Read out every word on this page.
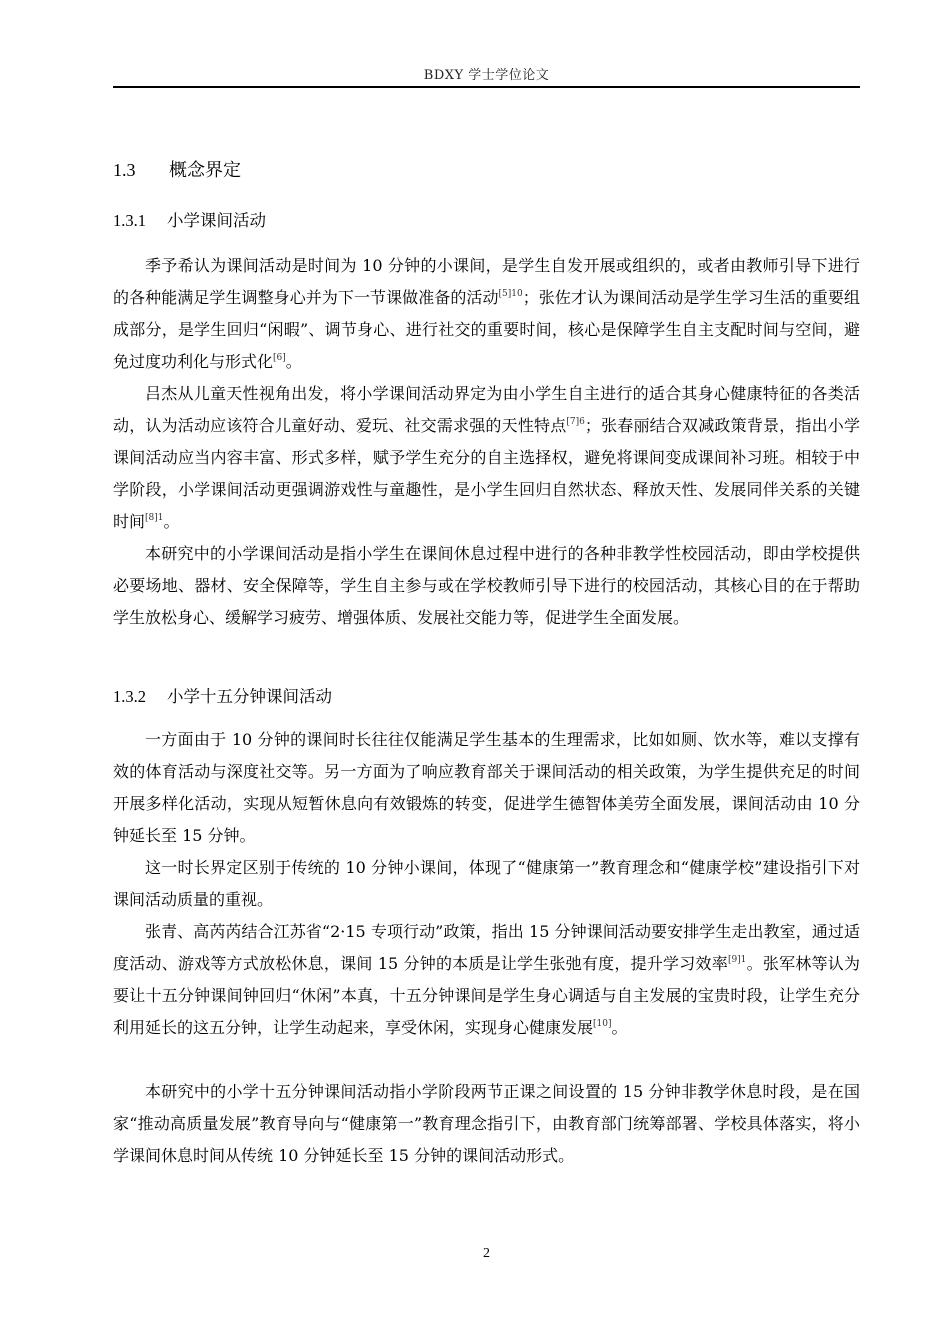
BDXY 学士学位论文
1.3 概念界定
1.3.1 小学课间活动

季予希认为课间活动是时间为 10 分钟的小课间，是学生自发开展或组织的，或者由教师引导下进行的各种能满足学生调整身心并为下一节课做准备的活动$^{[5]10}$；张佐才认为课间活动是学生学习生活的重要组成部分，是学生回归“闲暇”、调节身心、进行社交的重要时间，核心是保障学生自主支配时间与空间，避免过度功利化与形式化[6]。

吕杰从儿童天性视角出发，将小学课间活动界定为由小学生自主进行的适合其身心健康特征的各类活动，认为活动应该符合儿童好动、爱玩、社交需求强的天性特点$^{[7]6}$；张春丽结合双减政策背景，指出小学课间活动应当内容丰富、形式多样，赋予学生充分的自主选择权，避免将课间变成课间补习班。相较于中学阶段，小学课间活动更强调游戏性与童趣性，是小学生回归自然状态、释放天性、发展同伴关系的关键时间$^{[8]1}$。

本研究中的小学课间活动是指小学生在课间休息过程中进行的各种非教学性校园活动，即由学校提供必要场地、器材、安全保障等，学生自主参与或在学校教师引导下进行的校园活动，其核心目的在于帮助学生放松身心、缓解学习疲劳、增强体质、发展社交能力等，促进学生全面发展。

1.3.2 小学十五分钟课间活动

一方面由于 10 分钟的课间时长往往仅能满足学生基本的生理需求，比如如厕、饮水等，难以支撑有效的体育活动与深度社交等。另一方面为了响应教育部关于课间活动的相关政策，为学生提供充足的时间开展多样化活动，实现从短暂休息向有效锻炼的转变，促进学生德智体美劳全面发展，课间活动由 10 分钟延长至 15 分钟。

这一时长界定区别于传统的 10 分钟小课间，体现了“健康第一”教育理念和“健康学校”建设指引下对课间活动质量的重视。

张青、高芮芮结合江苏省“2·15 专项行动”政策，指出 15 分钟课间活动要安排学生走出教室，通过适度活动、游戏等方式放松休息，课间 15 分钟的本质是让学生张弛有度，提升学习效率$^{[9]1}$。张军林等认为要让十五分钟课间钟回归“休闲”本真，十五分钟课间是学生身心调适与自主发展的宝贵时段，让学生充分利用延长的这五分钟，让学生动起来，享受休闲，实现身心健康发展[10]。

本研究中的小学十五分钟课间活动指小学阶段两节正课之间设置的 15 分钟非教学休息时段，是在国家“推动高质量发展”教育导向与“健康第一”教育理念指引下，由教育部门统筹部署、学校具体落实，将小学课间休息时间从传统 10 分钟延长至 15 分钟的课间活动形式。

2
